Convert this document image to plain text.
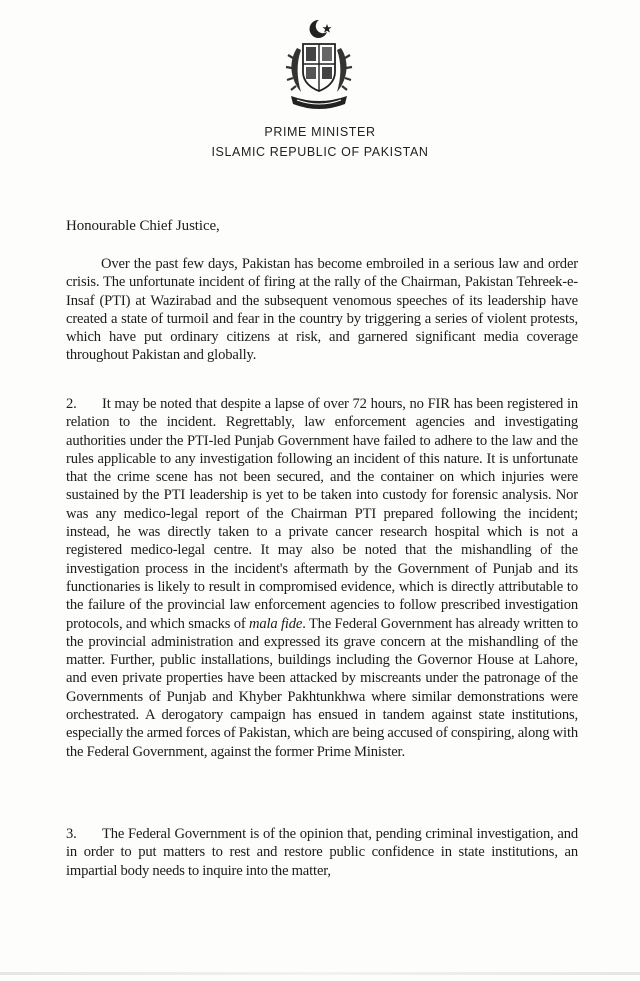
PRIME MINISTER
ISLAMIC REPUBLIC OF PAKISTAN
Honourable Chief Justice,
Over the past few days, Pakistan has become embroiled in a serious law and order crisis. The unfortunate incident of firing at the rally of the Chairman, Pakistan Tehreek-e-Insaf (PTI) at Wazirabad and the subsequent venomous speeches of its leadership have created a state of turmoil and fear in the country by triggering a series of violent protests, which have put ordinary citizens at risk, and garnered significant media coverage throughout Pakistan and globally.
2. It may be noted that despite a lapse of over 72 hours, no FIR has been registered in relation to the incident. Regrettably, law enforcement agencies and investigating authorities under the PTI-led Punjab Government have failed to adhere to the law and the rules applicable to any investigation following an incident of this nature. It is unfortunate that the crime scene has not been secured, and the container on which injuries were sustained by the PTI leadership is yet to be taken into custody for forensic analysis. Nor was any medico-legal report of the Chairman PTI prepared following the incident; instead, he was directly taken to a private cancer research hospital which is not a registered medico-legal centre. It may also be noted that the mishandling of the investigation process in the incident's aftermath by the Government of Punjab and its functionaries is likely to result in compromised evidence, which is directly attributable to the failure of the provincial law enforcement agencies to follow prescribed investigation protocols, and which smacks of mala fide. The Federal Government has already written to the provincial administration and expressed its grave concern at the mishandling of the matter. Further, public installations, buildings including the Governor House at Lahore, and even private properties have been attacked by miscreants under the patronage of the Governments of Punjab and Khyber Pakhtunkhwa where similar demonstrations were orchestrated. A derogatory campaign has ensued in tandem against state institutions, especially the armed forces of Pakistan, which are being accused of conspiring, along with the Federal Government, against the former Prime Minister.
3. The Federal Government is of the opinion that, pending criminal investigation, and in order to put matters to rest and restore public confidence in state institutions, an impartial body needs to inquire into the matter,
